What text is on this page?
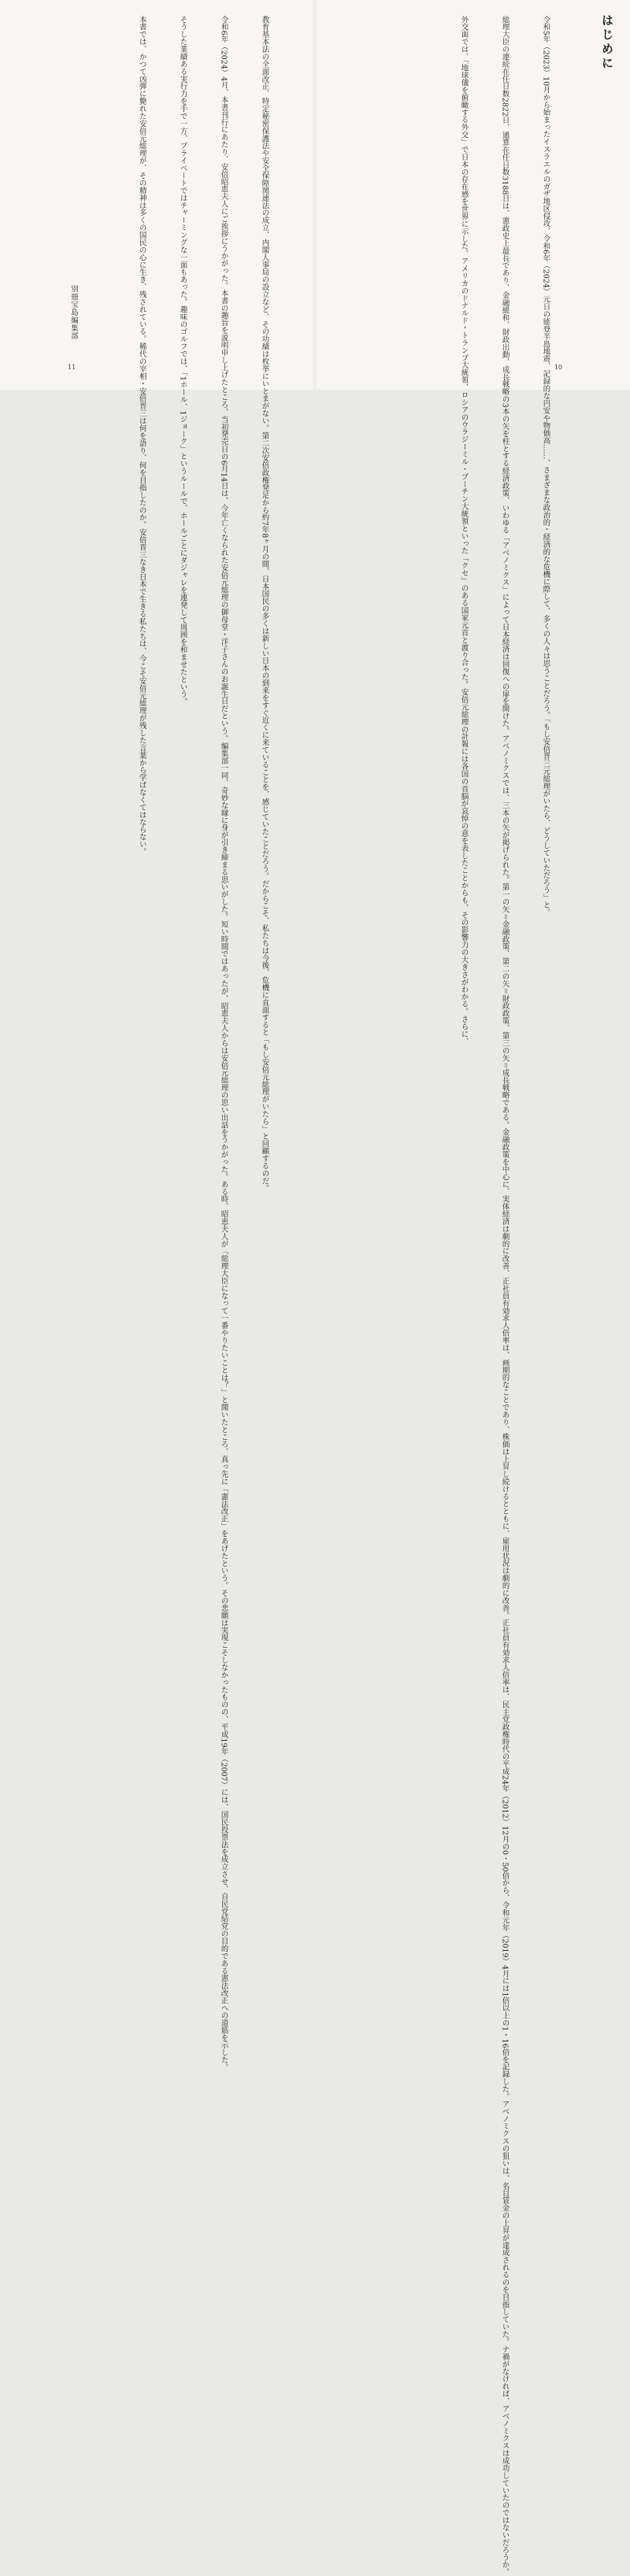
教育基本法の全面改正、特定秘密保護法や安全保障関連法の成立、内閣人事局の設立など、その功績は枚挙にいとまがない。第二次安倍政権発足から約7年8ヶ月の間、日本国民の多くは新しい日本の到来をすぐ近くに来ていることを、感じていたことだろう。だからこそ、私たちは今後、危機に直面すると「もし安倍元総理がいたら」と回顧するのだ。

令和6年（2024）4月、本書刊行にあたり、安倍昭恵夫人にご挨拶にうかがった。本書の趣旨を説明申し上げたところ、当初発売日の6月14日は、今年亡くなられた安倍元総理の御母堂・洋子さんのお誕生日だという。編集部一同、奇妙な縁に身が引き締まる思いがした。短い時間ではあったが、昭恵夫人からは安倍元総理の思い出話をうかがった。ある時、昭恵夫人が「総理大臣になって一番やりたいことは？」と聞いたところ、真っ先に「憲法改正」をあげたという。その悲願は実現こそしなかったものの、平成19年（2007）には、国民投票法を成立させ、自民党結党の目的である憲法改正への道筋を示した。

そうした業績ある実行力を手で一方、プライベートではチャーミングな一面もあった。趣味のゴルフでは、「1ホール、1ジョーク」というルールで、ホールごとにダジャレを連発して周囲を和ませたという。

本書では、かつて凶弾に斃れた安倍元総理が、その精神は多くの国民の心に生き、残されている。稀代の宰相・安倍晋三は何を語り、何を目指したのか。安倍晋三なき日本で生きる私たちは、今こそ安倍元総理が残した言葉から学ばなくてはならない。

別冊宝島編集部
11
はじめに

令和5年（2023）10月から始まったイスラエルのガザ地区侵攻、令和6年（2024）元日の能登半島地震、記録的な円安や物価高……、さまざまな政治的・経済的な危機に際して、多くの人々は思うことだろう。「もし安倍晋三元総理がいたら、どうしていただろう」と。

総理大臣の連続在任日数2822日、通算在任日数3188日は、憲政史上最長であり、金融緩和、財政出動、成長戦略の3本の矢を柱とする経済政策、いわゆる「アベノミクス」によって日本経済は回復への扉を開けた。アベノミクスでは、三本の矢が掲げられた。第一の矢＝金融政策、第二の矢＝財政政策、第三の矢＝成長戦略である。金融政策を中心に、実体経済は劇的に改善、正社員有効求人倍率は、画期的なことであり、株価は上昇し続けるとともに、雇用状況は劇的に改善。正社員有効求人倍率は、民主党政権時代の平成24年（2012）12月の0・50倍から、令和元年（2019）4月には1倍以上の1・16倍を記録した。アベノミクスの狙いは、名目賃金の上昇が達成されるのを目指していた。ナ禍がなければ、アベノミクスは成功していたのではないだろうか。

外交面では、「地球儀を俯瞰する外交」で日本の存在感を世界に示した。アメリカのドナルド・トランプ大統領、ロシアのウラジーミル・プーチン大統領といった「クセ」のある国家元首と渡り合った。安倍元総理の計報には各国の首脳が哀悼の意を表したことからも、その影響力の大きさがわかる。さらに、

	10
